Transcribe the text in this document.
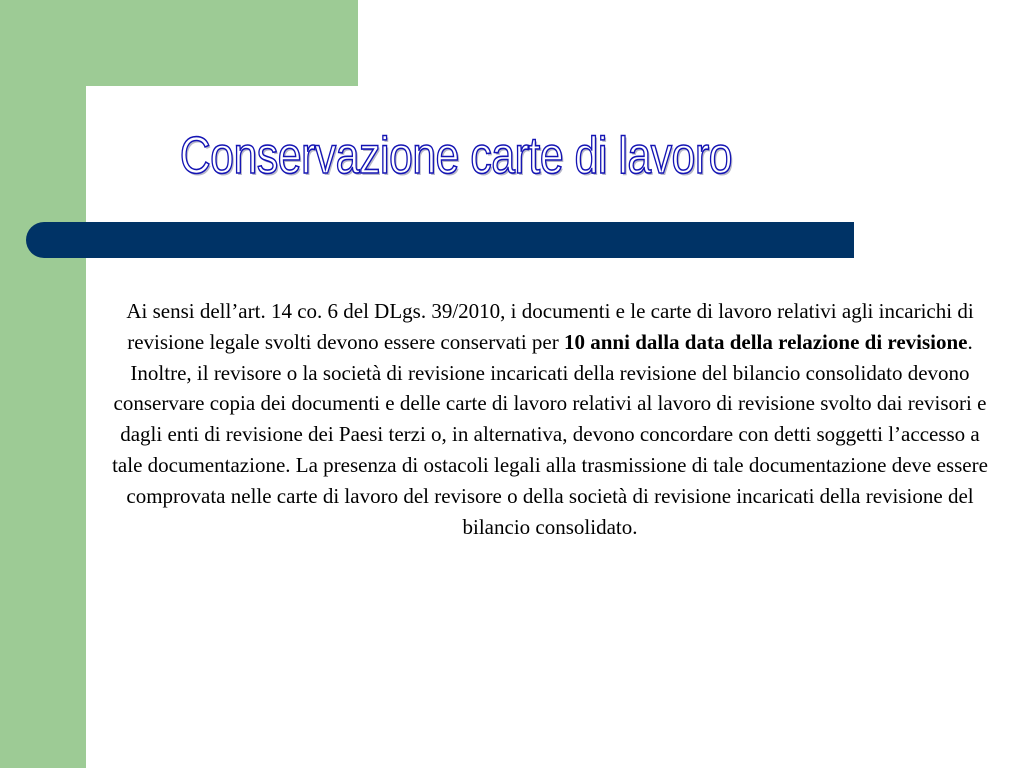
Conservazione carte di lavoro
Ai sensi dell’art. 14 co. 6 del DLgs. 39/2010, i documenti e le carte di lavoro relativi agli incarichi di revisione legale svolti devono essere conservati per 10 anni dalla data della relazione di revisione.
Inoltre, il revisore o la società di revisione incaricati della revisione del bilancio consolidato devono conservare copia dei documenti e delle carte di lavoro relativi al lavoro di revisione svolto dai revisori e dagli enti di revisione dei Paesi terzi o, in alternativa, devono concordare con detti soggetti l’accesso a tale documentazione. La presenza di ostacoli legali alla trasmissione di tale documentazione deve essere comprovata nelle carte di lavoro del revisore o della società di revisione incaricati della revisione del bilancio consolidato.
